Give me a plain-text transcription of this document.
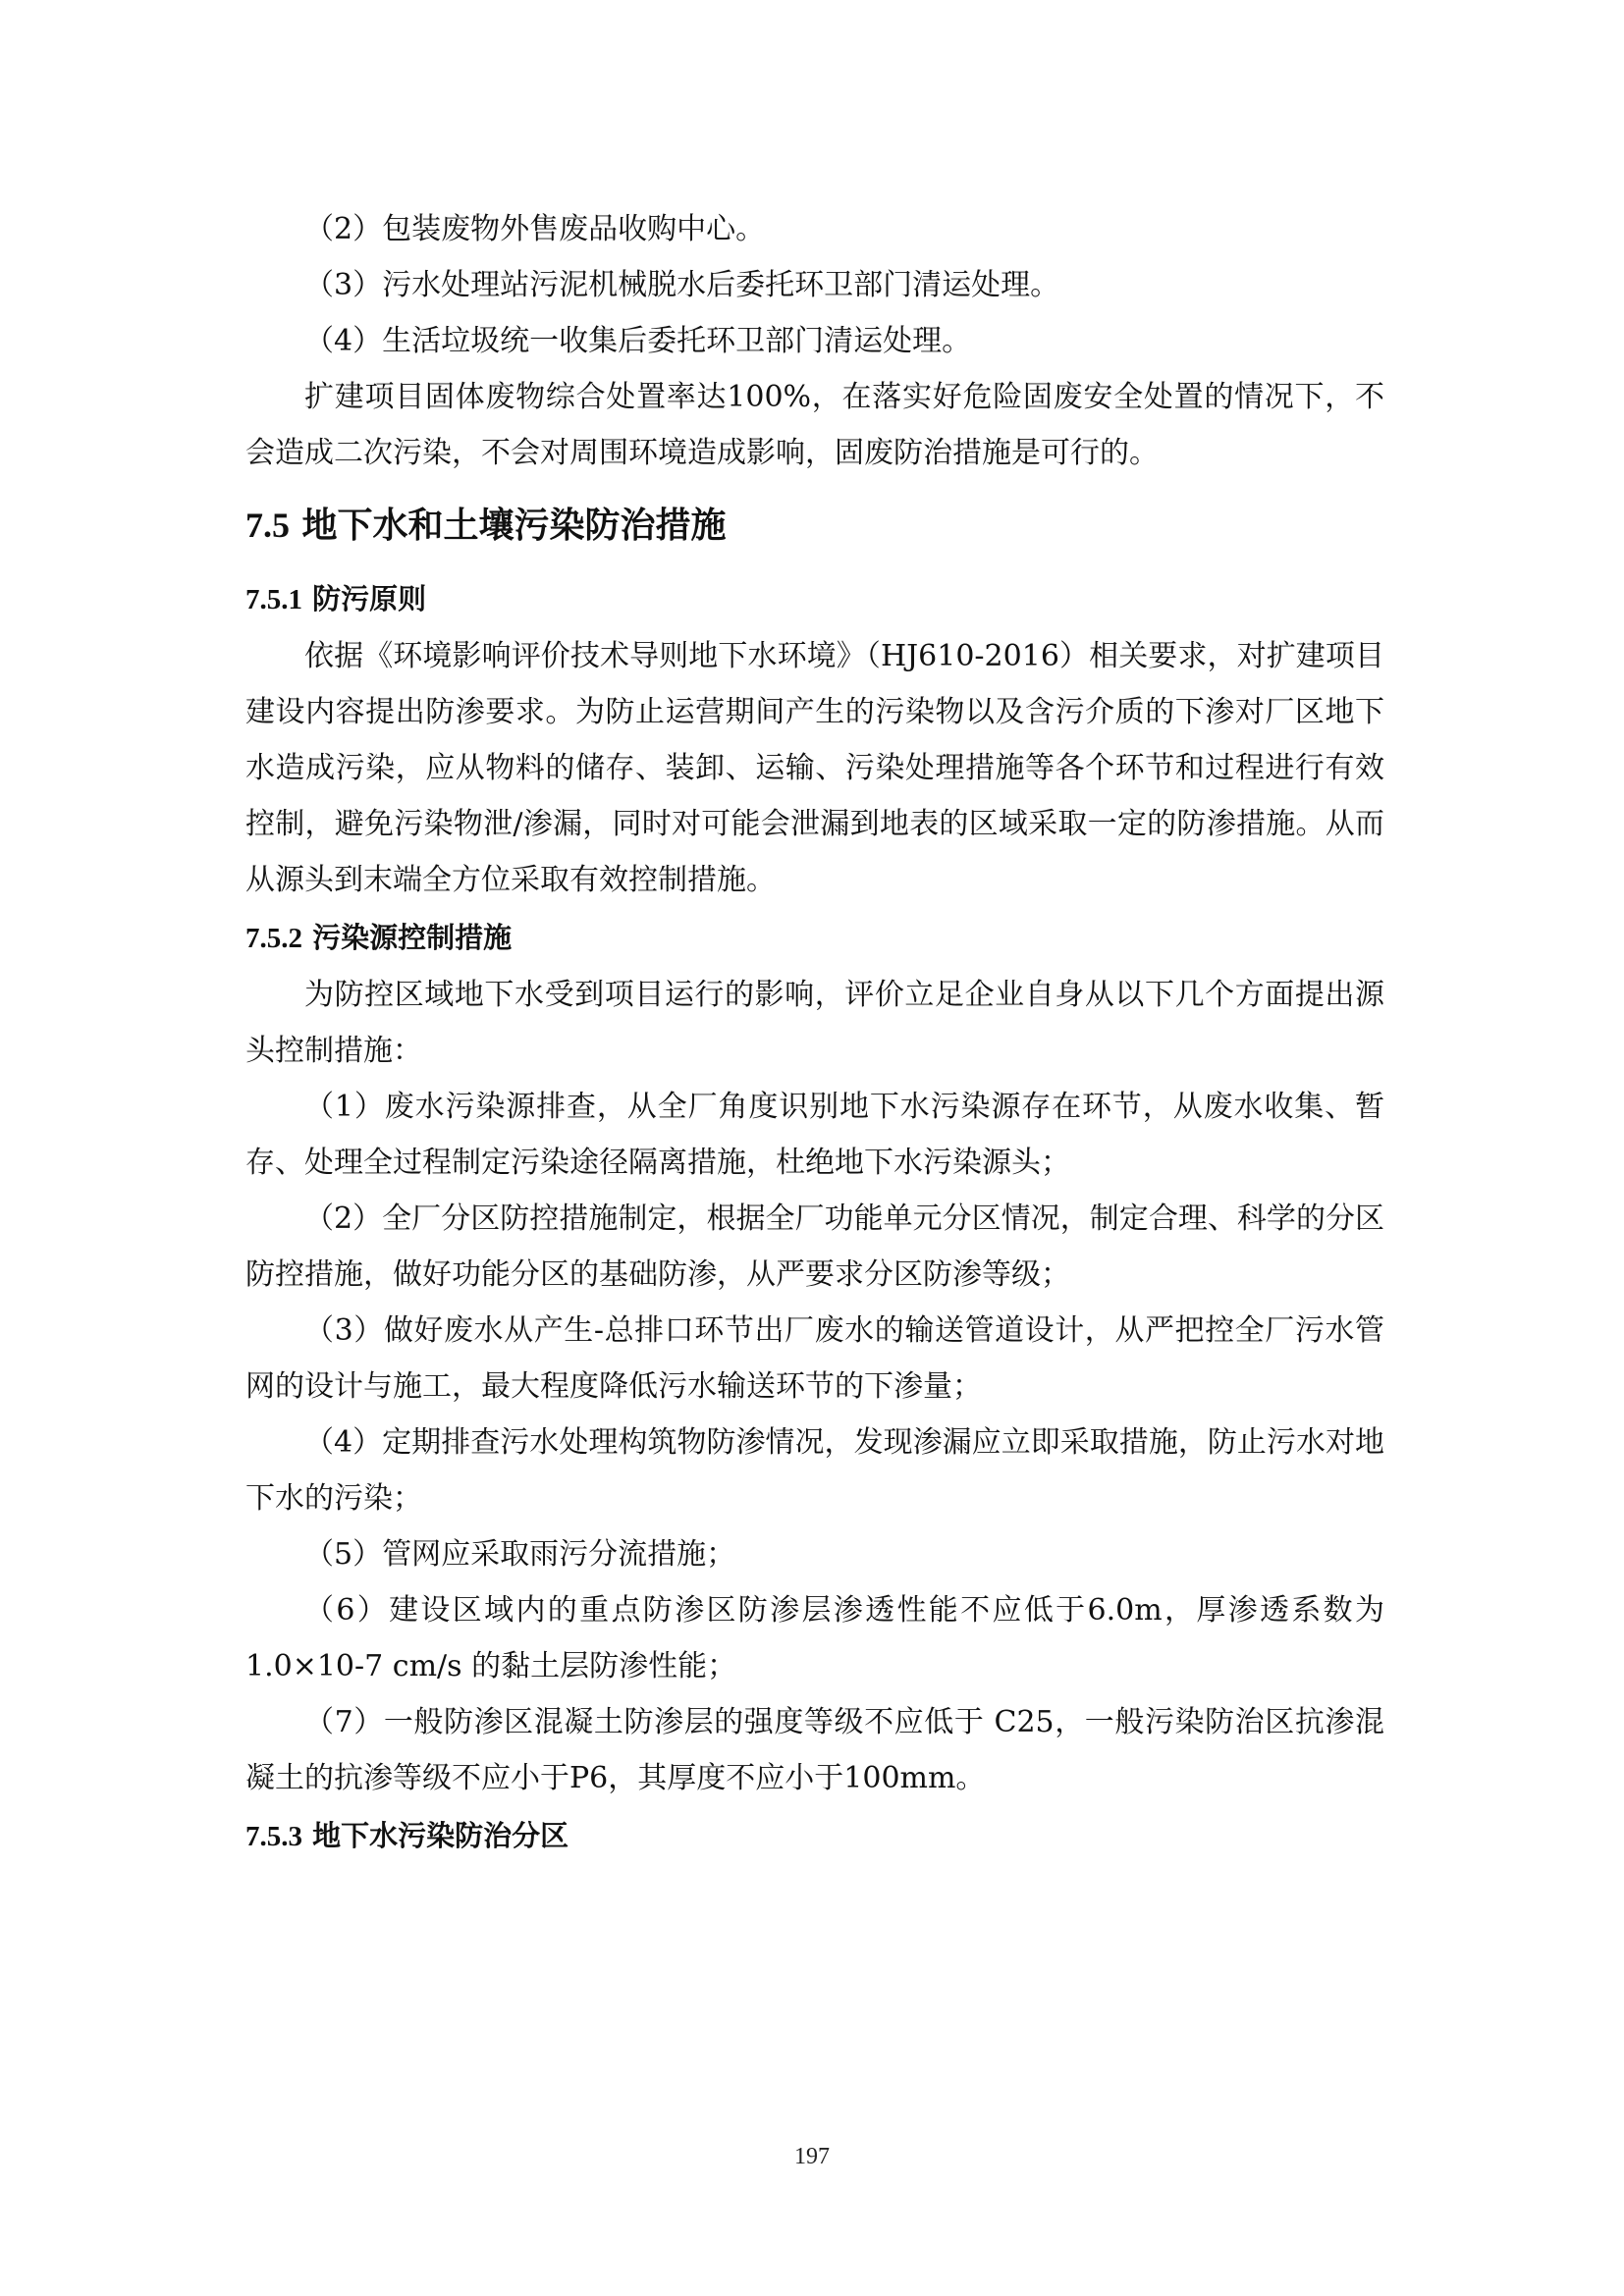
（2）包装废物外售废品收购中心。

（3）污水处理站污泥机械脱水后委托环卫部门清运处理。

（4）生活垃圾统一收集后委托环卫部门清运处理。

扩建项目固体废物综合处置率达100%，在落实好危险固废安全处置的情况下，不会造成二次污染，不会对周围环境造成影响，固废防治措施是可行的。

7.5 地下水和土壤污染防治措施
7.5.1 防污原则

依据《环境影响评价技术导则地下水环境》（HJ610-2016）相关要求，对扩建项目建设内容提出防渗要求。为防止运营期间产生的污染物以及含污介质的下渗对厂区地下水造成污染，应从物料的储存、装卸、运输、污染处理措施等各个环节和过程进行有效控制，避免污染物泄/渗漏，同时对可能会泄漏到地表的区域采取一定的防渗措施。从而从源头到末端全方位采取有效控制措施。

7.5.2 污染源控制措施

为防控区域地下水受到项目运行的影响，评价立足企业自身从以下几个方面提出源头控制措施：

（1）废水污染源排查，从全厂角度识别地下水污染源存在环节，从废水收集、暂存、处理全过程制定污染途径隔离措施，杜绝地下水污染源头；

（2）全厂分区防控措施制定，根据全厂功能单元分区情况，制定合理、科学的分区防控措施，做好功能分区的基础防渗，从严要求分区防渗等级；

（3）做好废水从产生-总排口环节出厂废水的输送管道设计，从严把控全厂污水管网的设计与施工，最大程度降低污水输送环节的下渗量；

（4）定期排查污水处理构筑物防渗情况，发现渗漏应立即采取措施，防止污水对地下水的污染；

（5）管网应采取雨污分流措施；

（6）建设区域内的重点防渗区防渗层渗透性能不应低于6.0m，厚渗透系数为1.0×10-7 cm/s 的黏土层防渗性能；

（7）一般防渗区混凝土防渗层的强度等级不应低于 C25，一般污染防治区抗渗混凝土的抗渗等级不应小于P6，其厚度不应小于100mm。

7.5.3 地下水污染防治分区
197
